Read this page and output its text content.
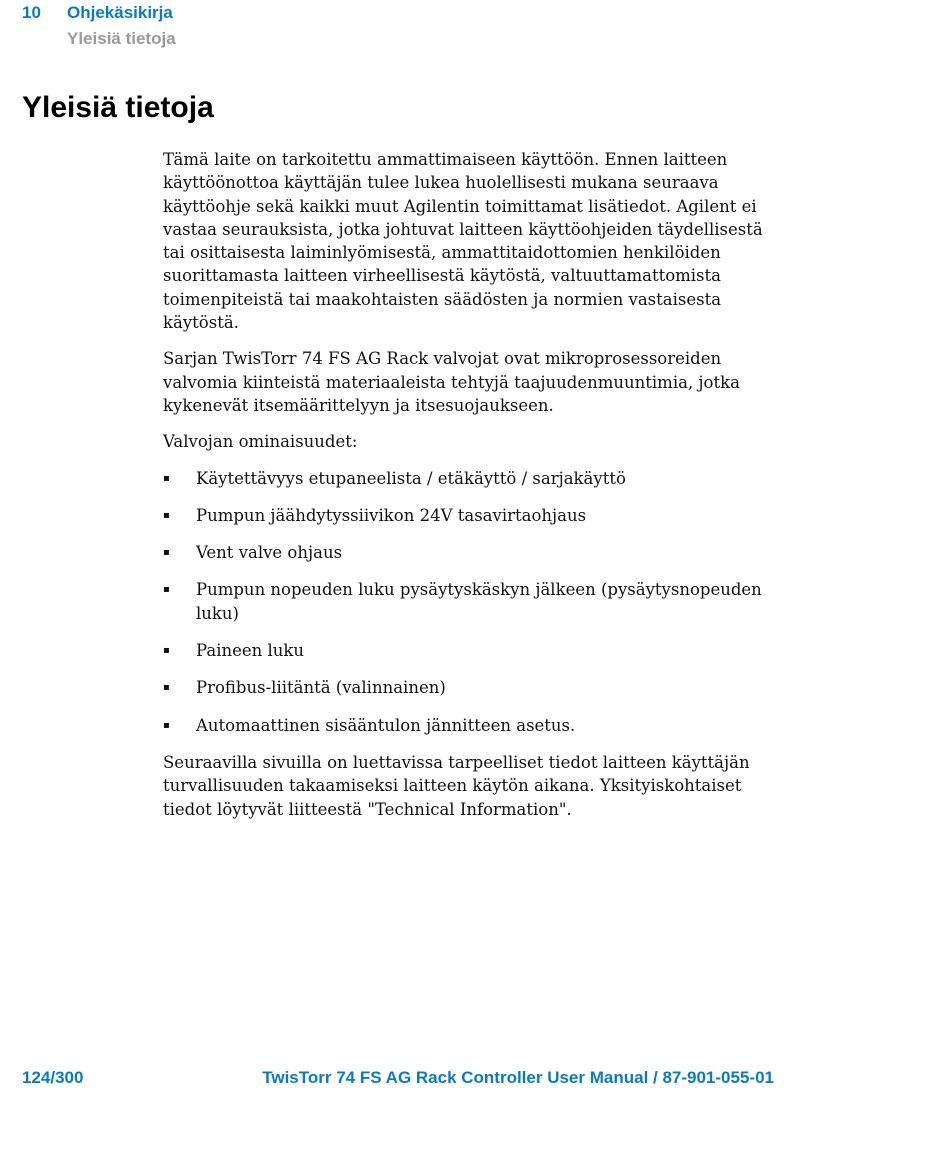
10	Ohjekäsikirja
Yleisiä tietoja
Yleisiä tietoja

Tämä laite on tarkoitettu ammattimaiseen käyttöön. Ennen laitteen käyttöönottoa käyttäjän tulee lukea huolellisesti mukana seuraava käyttöohje sekä kaikki muut Agilentin toimittamat lisätiedot. Agilent ei vastaa seurauksista, jotka johtuvat laitteen käyttöohjeiden täydellisestä tai osittaisesta laiminlyömisestä, ammattitaidottomien henkilöiden suorittamasta laitteen virheellisestä käytöstä, valtuuttamattomista toimenpiteistä tai maakohtaisten säädösten ja normien vastaisesta käytöstä.

Sarjan TwisTorr 74 FS AG Rack valvojat ovat mikroprosessoreiden valvomia kiinteistä materiaaleista tehtyjä taajuudenmuuntimia, jotka kykenevät itsemäärittelyyn ja itsesuojaukseen.

Valvojan ominaisuudet:

▪ Käytettävyys etupaneelista / etäkäyttö / sarjakäyttö
▪ Pumpun jäähdytyssiivikon 24V tasavirtaohjaus
▪ Vent valve ohjaus
▪ Pumpun nopeuden luku pysäytyskäskyn jälkeen (pysäytysnopeuden luku)
▪ Paineen luku
▪ Profibus-liitäntä (valinnainen)
▪ Automaattinen sisääntulon jännitteen asetus.

Seuraavilla sivuilla on luettavissa tarpeelliset tiedot laitteen käyttäjän turvallisuuden takaamiseksi laitteen käytön aikana. Yksityiskohtaiset tiedot löytyvät liitteestä "Technical Information".

124/300	TwisTorr 74 FS AG Rack Controller User Manual / 87-901-055-01
